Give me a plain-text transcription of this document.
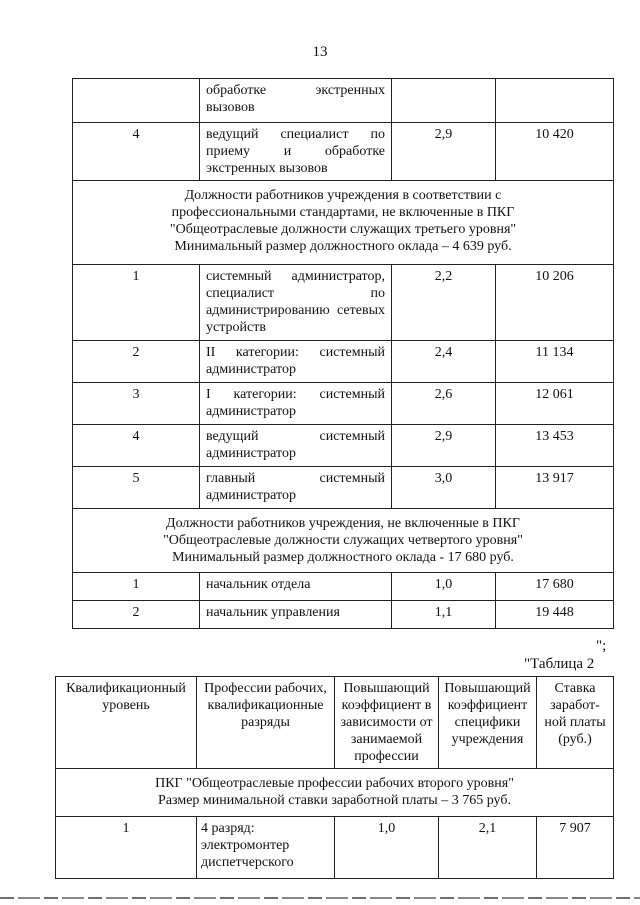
13
	обработке экстренных вызовов		
4	ведущий специалист по приему и обработке экстренных вызовов	2,9	10 420

Должности работников учреждения в соответствии с
профессиональными стандартами, не включенные в ПКГ
"Общеотраслевые должности служащих третьего уровня"
Минимальный размер должностного оклада – 4 639 руб.			

1	системный администратор, специалист по администрированию сетевых устройств	2,2	10 206
2	II категории: системный администратор	2,4	11 134
3	I категории: системный администратор	2,6	12 061
4	ведущий системный администратор	2,9	13 453
5	главный системный администратор	3,0	13 917

Должности работников учреждения, не включенные в ПКГ
"Общеотраслевые должности служащих четвертого уровня"
Минимальный размер должностного оклада - 17 680 руб.			

1	начальник отдела	1,0	17 680
2	начальник управления	1,1	19 448
";
"Таблица 2
Квалификационный уровень	Профессии рабочих, квалификационные разряды	Повышающий коэффициент в зависимости от занимаемой профессии	Повышающий коэффициент специфики учреждения	Ставка заработ-ной платы (руб.)

ПКГ "Общеотраслевые профессии рабочих второго уровня"
Размер минимальной ставки заработной платы – 3 765 руб.				

1	4 разряд: электромонтер диспетчерского	1,0	2,1	7 907
